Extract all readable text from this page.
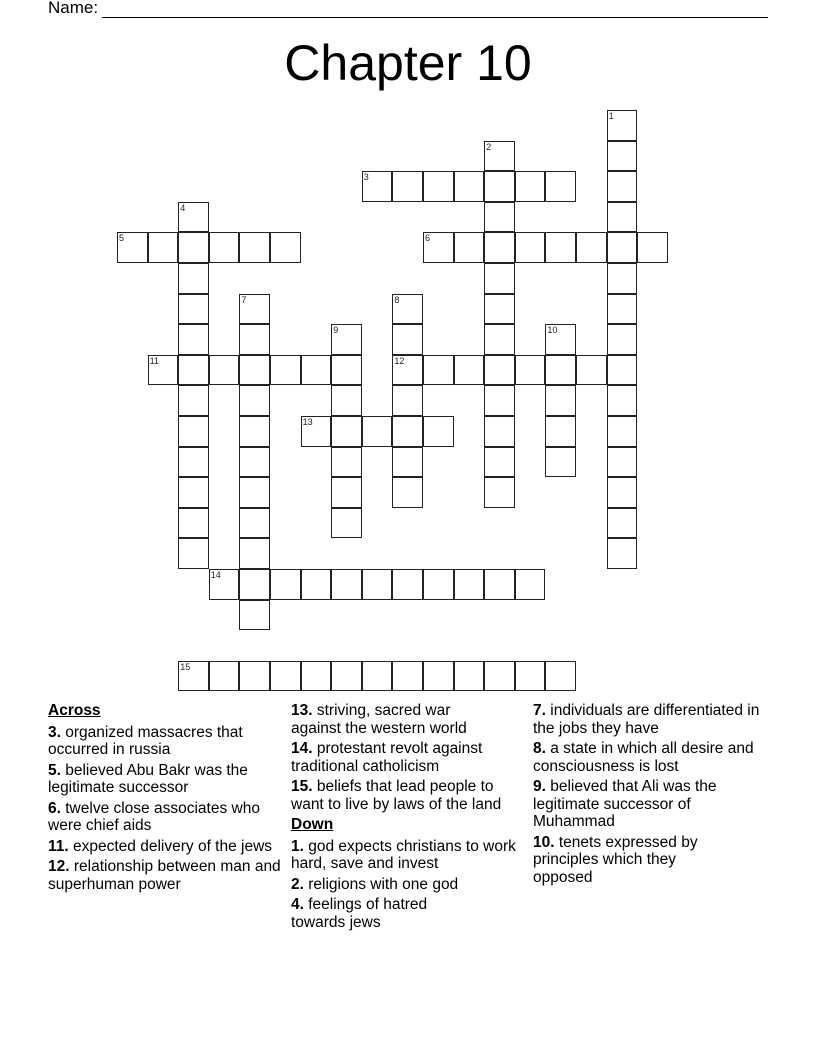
Name:
Chapter 10
1
2
3
4
5	6
7	8
12
9	10
11
13
14
15
Across
3. organized massacres that occurred in russia
5. believed Abu Bakr was the legitimate successor
6. twelve close associates who were chief aids
11. expected delivery of the jews
12. relationship between man and superhuman power
13. striving, sacred war against the western world
14. protestant revolt against traditional catholicism
15. beliefs that lead people to want to live by laws of the land
Down
1. god expects christians to work hard, save and invest
2. religions with one god
4. feelings of hatred towards jews
7. individuals are differentiated in the jobs they have
8. a state in which all desire and consciousness is lost
9. believed that Ali was the legitimate successor of Muhammad
10. tenets expressed by principles which they opposed
